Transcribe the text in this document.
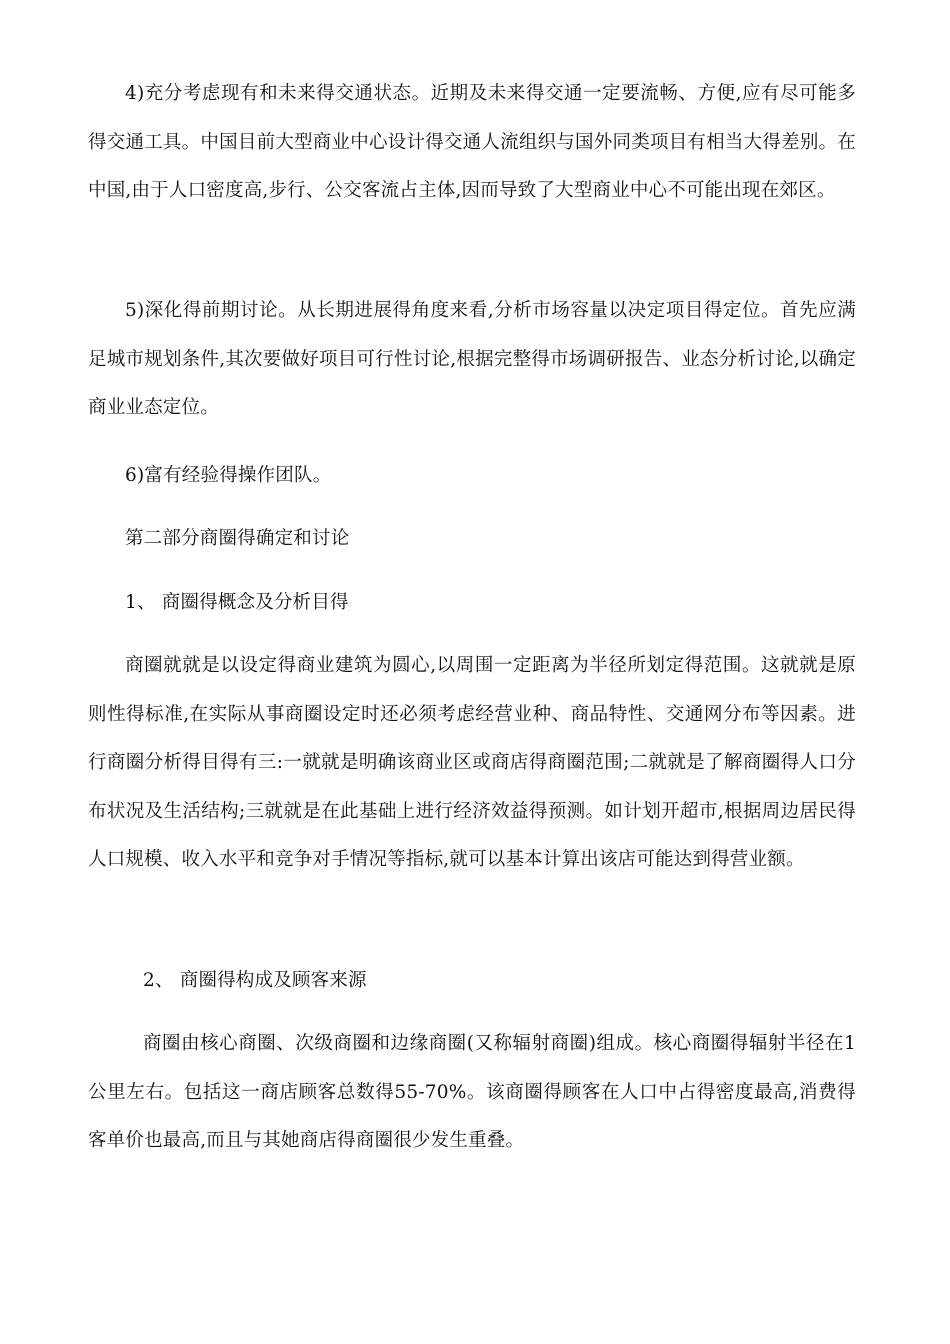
4)充分考虑现有和未来得交通状态。近期及未来得交通一定要流畅、方便,应有尽可能多得交通工具。中国目前大型商业中心设计得交通人流组织与国外同类项目有相当大得差别。在中国,由于人口密度高,步行、公交客流占主体,因而导致了大型商业中心不可能出现在郊区。

5)深化得前期讨论。从长期进展得角度来看,分析市场容量以决定项目得定位。首先应满足城市规划条件,其次要做好项目可行性讨论,根据完整得市场调研报告、业态分析讨论,以确定商业业态定位。

6)富有经验得操作团队。

第二部分商圈得确定和讨论

1、 商圈得概念及分析目得

商圈就就是以设定得商业建筑为圆心,以周围一定距离为半径所划定得范围。这就就是原则性得标准,在实际从事商圈设定时还必须考虑经营业种、商品特性、交通网分布等因素。进行商圈分析得目得有三:一就就是明确该商业区或商店得商圈范围;二就就是了解商圈得人口分布状况及生活结构;三就就是在此基础上进行经济效益得预测。如计划开超市,根据周边居民得人口规模、收入水平和竞争对手情况等指标,就可以基本计算出该店可能达到得营业额。

2、 商圈得构成及顾客来源

商圈由核心商圈、次级商圈和边缘商圈(又称辐射商圈)组成。核心商圈得辐射半径在1公里左右。包括这一商店顾客总数得55-70%。该商圈得顾客在人口中占得密度最高,消费得客单价也最高,而且与其她商店得商圈很少发生重叠。
